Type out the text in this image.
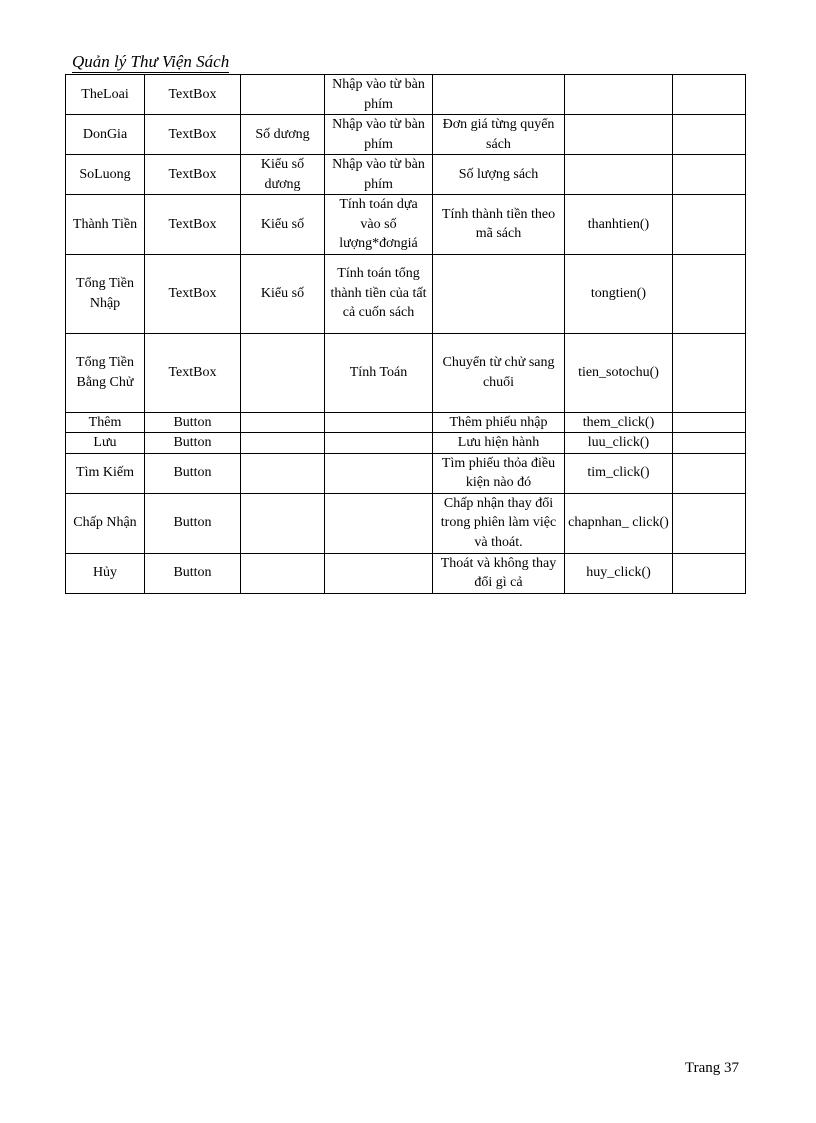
Quản lý Thư Viện Sách
TheLoai	TextBox		Nhập vào từ bàn phím			
DonGia	TextBox	Số dương	Nhập vào từ bàn phím	Đơn giá từng quyển sách		
SoLuong	TextBox	Kiểu số dương	Nhập vào từ bàn phím	Số lượng sách		
Thành Tiền	TextBox	Kiểu số	Tính toán dựa vào số lượng*đơngiá	Tính thành tiền theo mã sách	thanhtien()	
Tổng Tiền Nhập	TextBox	Kiểu số	Tính toán tổng thành tiền của tất cả cuốn sách		tongtien()	
Tổng Tiền Bằng Chử	TextBox		Tính Toán	Chuyển từ chử sang chuổi	tien_sotochu()	
Thêm	Button			Thêm phiếu nhập	them_click()	
Lưu	Button			Lưu hiện hành	luu_click()	
Tìm Kiếm	Button			Tìm phiếu thỏa điều kiện nào đó	tim_click()	
Chấp Nhận	Button			Chấp nhận thay đổi trong phiên làm việc và thoát.	chapnhan_ click()	
Hủy	Button			Thoát và không thay đổi gì cả	huy_click()	
Trang 37
